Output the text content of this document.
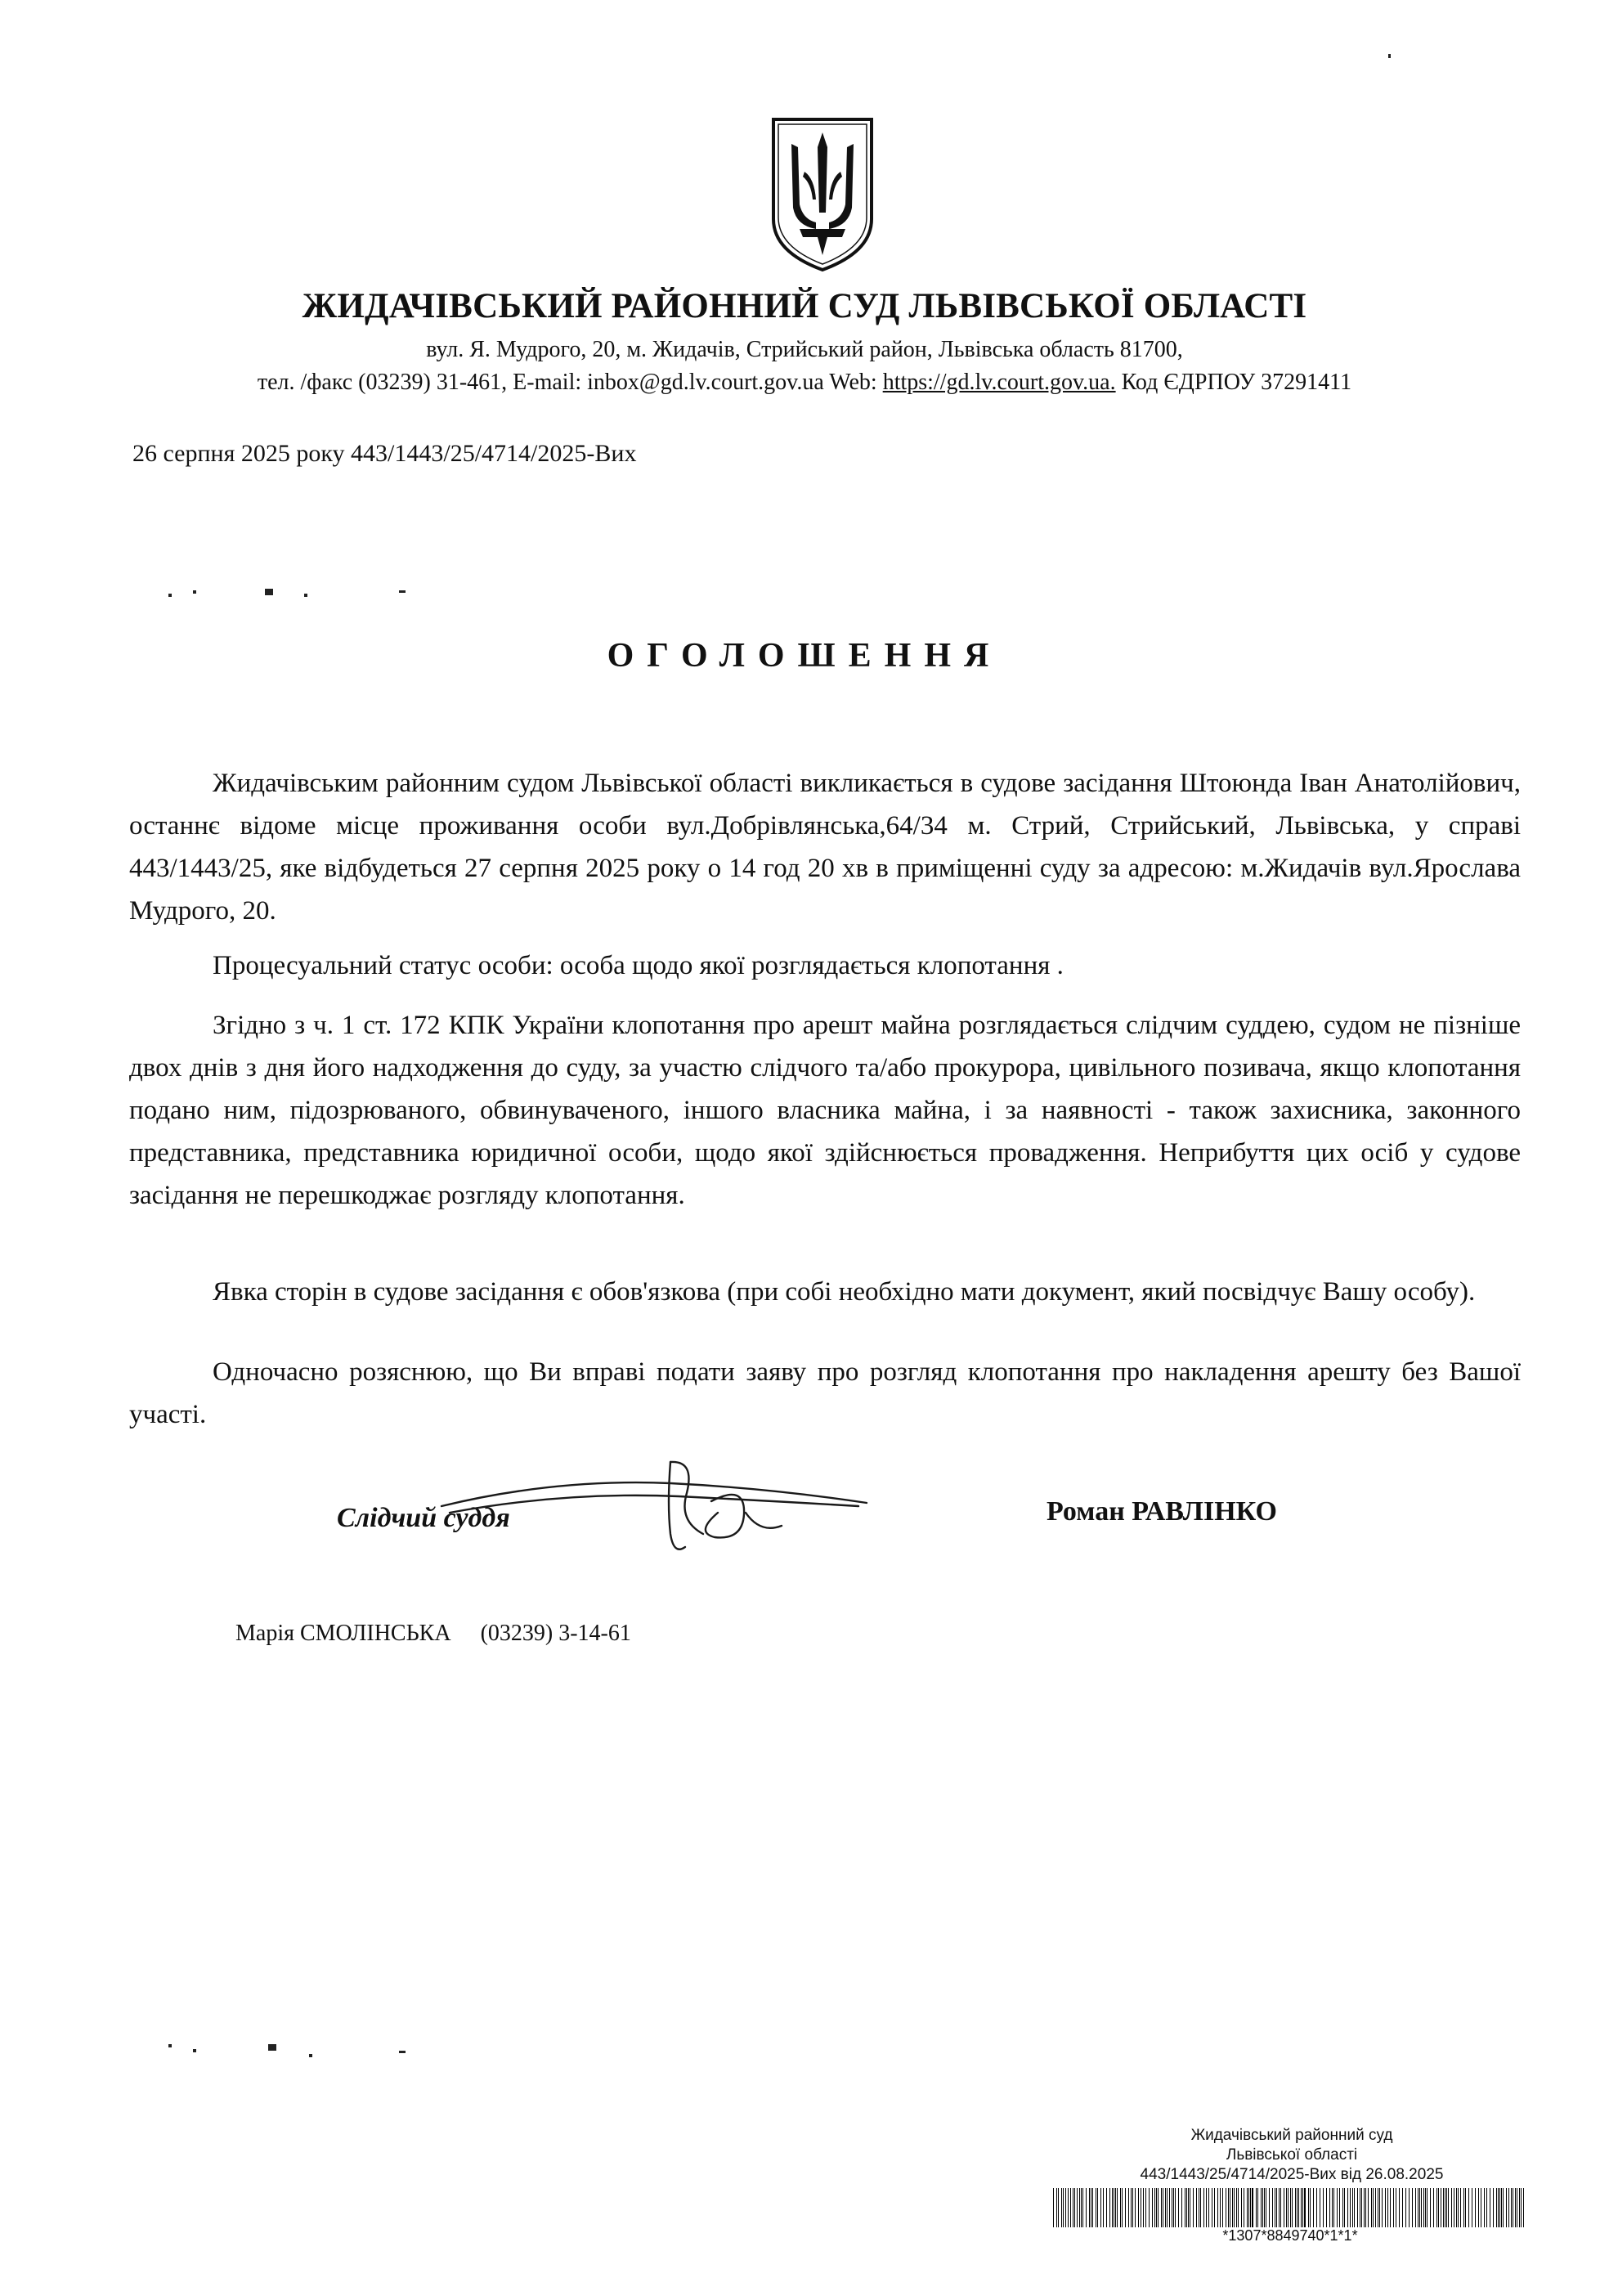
ЖИДАЧІВСЬКИЙ РАЙОННИЙ СУД ЛЬВІВСЬКОЇ ОБЛАСТІ
вул. Я. Мудрого, 20, м. Жидачів, Стрийський район, Львівська область 81700,
тел. /факс (03239) 31-461, E-mail: inbox@gd.lv.court.gov.ua Web: https://gd.lv.court.gov.ua. Код ЄДРПОУ 37291411
26 серпня 2025 року 443/1443/25/4714/2025-Вих
ОГОЛОШЕННЯ
Жидачівським районним судом Львівської області викликається в судове засідання Штоюнда Іван Анатолійович, останнє відоме місце проживання особи вул.Добрівлянська,64/34 м. Стрий, Стрийський, Львівська, у справі 443/1443/25, яке відбудеться 27 серпня 2025 року о 14 год 20 хв в приміщенні суду за адресою: м.Жидачів вул.Ярослава Мудрого, 20.
Процесуальний статус особи: особа щодо якої розглядається клопотання .
Згідно з ч. 1 ст. 172 КПК України клопотання про арешт майна розглядається слідчим суддею, судом не пізніше двох днів з дня його надходження до суду, за участю слідчого та/або прокурора, цивільного позивача, якщо клопотання подано ним, підозрюваного, обвинуваченого, іншого власника майна, і за наявності - також захисника, законного представника, представника юридичної особи, щодо якої здійснюється провадження. Неприбуття цих осіб у судове засідання не перешкоджає розгляду клопотання.
Явка сторін в судове засідання є обов'язкова (при собі необхідно мати документ, який посвідчує Вашу особу).
Одночасно розяснюю, що Ви вправі подати заяву про розгляд клопотання про накладення арешту без Вашої участі.
Слідчий суддя	Роман РАВЛІНКО
Марія СМОЛІНСЬКА (03239) 3-14-61
Жидачівський районний суд
Львівської області
443/1443/25/4714/2025-Вих від 26.08.2025
*1307*8849740*1*1*
